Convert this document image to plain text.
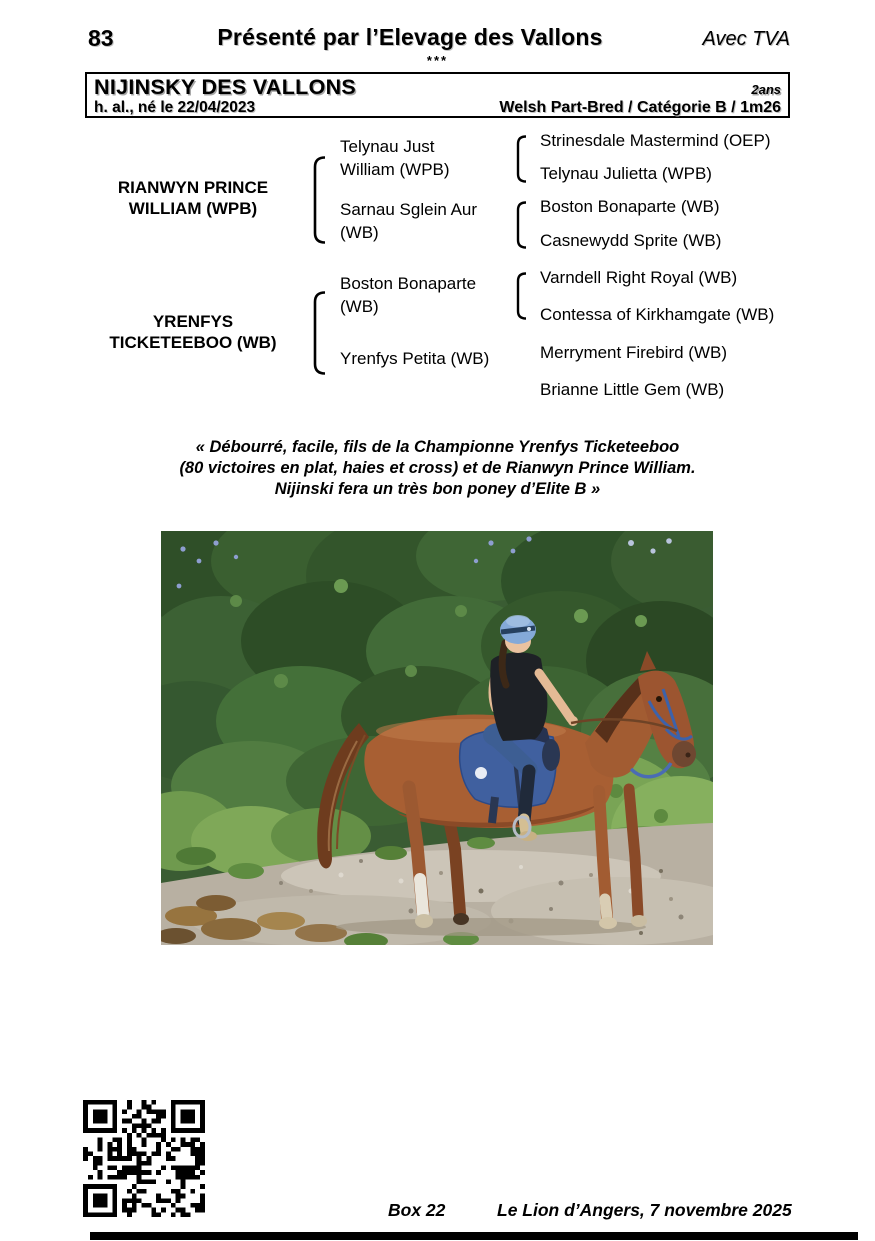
83	Présenté par l’Elevage des Vallons	Avec TVA
***
NIJINSKY DES VALLONS	2ans
h. al., né le 22/04/2023	Welsh Part-Bred / Catégorie B / 1m26
RIANWYN PRINCE WILLIAM (WPB)
YRENFYS TICKETEEBOO (WB)
Telynau Just William (WPB)
Sarnau Sglein Aur (WB)
Boston Bonaparte (WB)
Yrenfys Petita (WB)
Strinesdale Mastermind (OEP)
Telynau Julietta (WPB)
Boston Bonaparte (WB)
Casnewydd Sprite (WB)
Varndell Right Royal (WB)
Contessa of Kirkhamgate (WB)
Merryment Firebird (WB)
Brianne Little Gem (WB)
« Débourré, facile, fils de la Championne Yrenfys Ticketeeboo
(80 victoires en plat, haies et cross) et de Rianwyn Prince William.
Nijinski fera un très bon poney d’Elite B »
Box 22	Le Lion d’Angers, 7 novembre 2025
